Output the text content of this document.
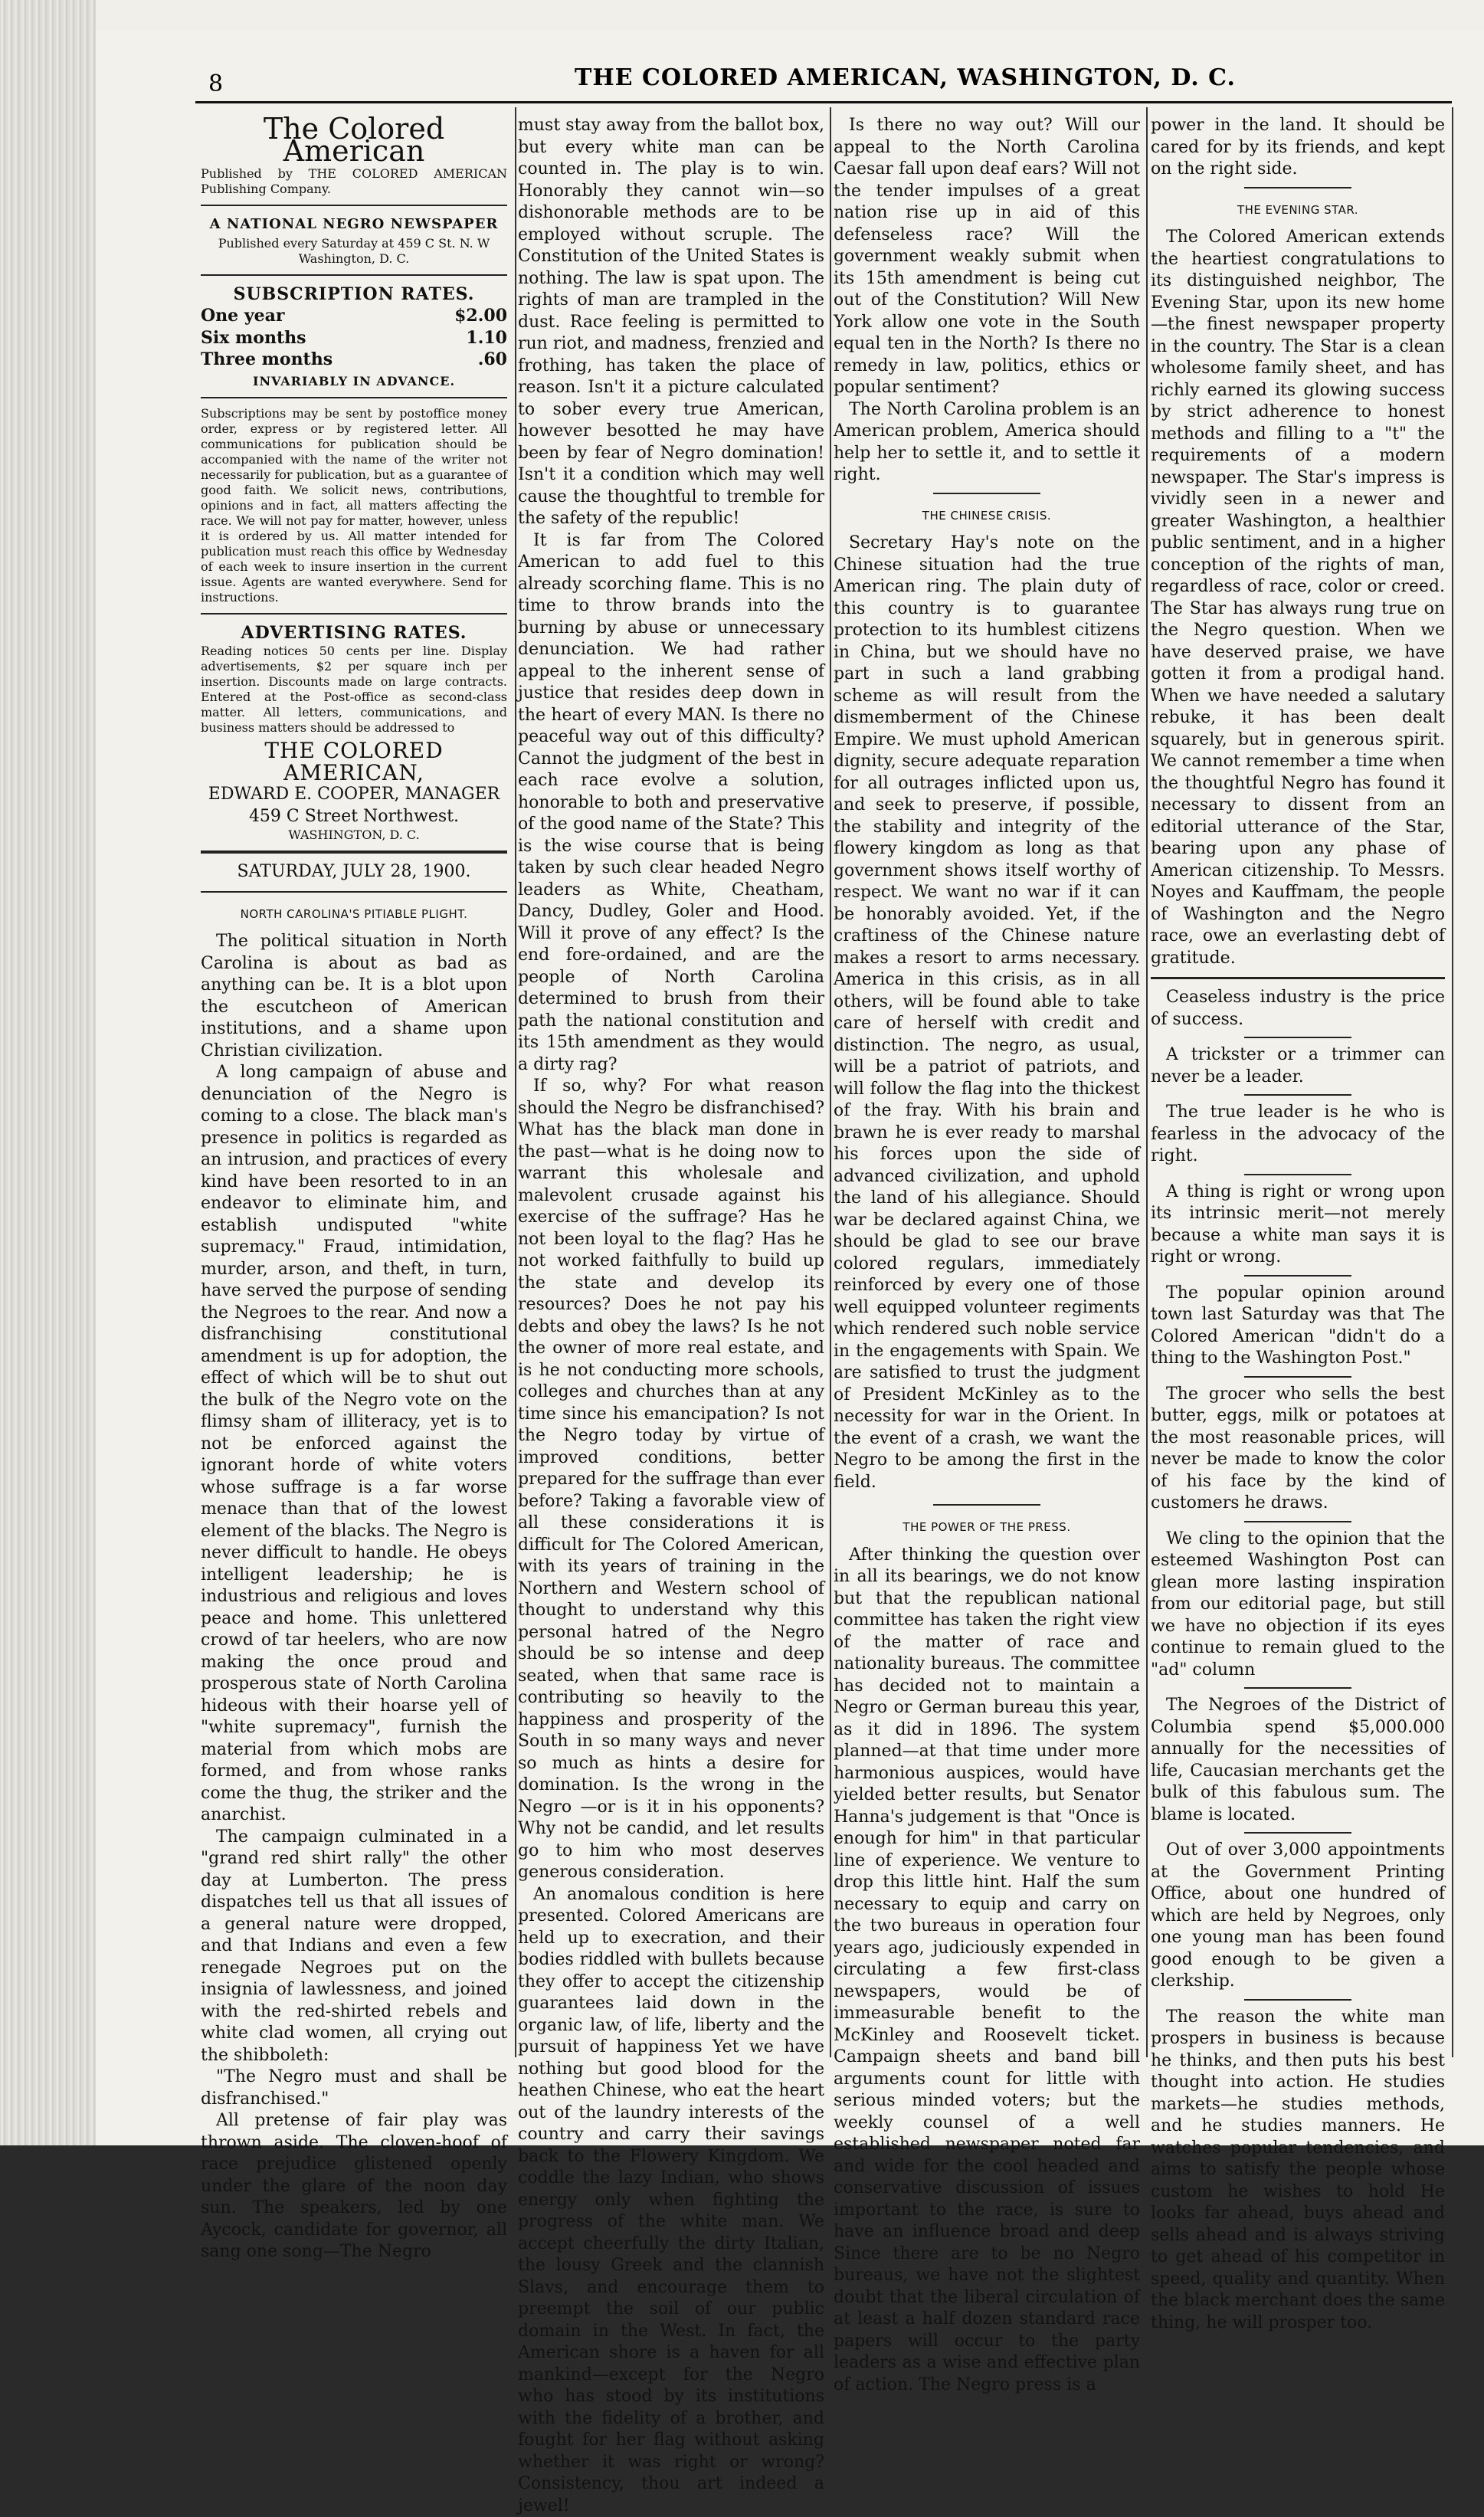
8	THE COLORED AMERICAN, WASHINGTON, D. C.
The Colored American
Published by THE COLORED AMERICAN Publishing Company.
A NATIONAL NEGRO NEWSPAPER
Published every Saturday at 459 C St. N. W Washington, D. C.
SUBSCRIPTION RATES.
One year	$2.00
Six months	1.10
Three months	.60
INVARIABLY IN ADVANCE.
Subscriptions may be sent by postoffice money order, express or by registered letter. All communications for publication should be accompanied with the name of the writer not necessarily for publication, but as a guarantee of good faith. We solicit news, contributions, opinions and in fact, all matters affecting the race. We will not pay for matter, however, unless it is ordered by us. All matter intended for publication must reach this office by Wednesday of each week to insure insertion in the current issue. Agents are wanted everywhere. Send for instructions.
ADVERTISING RATES.
Reading notices 50 cents per line. Display advertisements, $2 per square inch per insertion. Discounts made on large contracts. Entered at the Post-office as second-class matter. All letters, communications, and business matters should be addressed to
THE COLORED AMERICAN,
EDWARD E. COOPER, MANAGER
459 C Street Northwest.
WASHINGTON, D. C.
SATURDAY, JULY 28, 1900.
NORTH CAROLINA'S PITIABLE PLIGHT.

The political situation in North Carolina is about as bad as anything can be. It is a blot upon the escutcheon of American institutions, and a shame upon Christian civilization.

A long campaign of abuse and denunciation of the Negro is coming to a close. The black man's presence in politics is regarded as an intrusion, and practices of every kind have been resorted to in an endeavor to eliminate him, and establish undisputed "white supremacy." Fraud, intimidation, murder, arson, and theft, in turn, have served the purpose of sending the Negroes to the rear. And now a disfranchising constitutional amendment is up for adoption, the effect of which will be to shut out the bulk of the Negro vote on the flimsy sham of illiteracy, yet is to not be enforced against the ignorant horde of white voters whose suffrage is a far worse menace than that of the lowest element of the blacks. The Negro is never difficult to handle. He obeys intelligent leadership; he is industrious and religious and loves peace and home. This unlettered crowd of tar heelers, who are now making the once proud and prosperous state of North Carolina hideous with their hoarse yell of "white supremacy", furnish the material from which mobs are formed, and from whose ranks come the thug, the striker and the anarchist.

The campaign culminated in a "grand red shirt rally" the other day at Lumberton. The press dispatches tell us that all issues of a general nature were dropped, and that Indians and even a few renegade Negroes put on the insignia of lawlessness, and joined with the red-shirted rebels and white clad women, all crying out the shibboleth:

"The Negro must and shall be disfranchised."

All pretense of fair play was thrown aside. The cloven-hoof of race prejudice glistened openly under the glare of the noon day sun. The speakers, led by one Aycock, candidate for governor, all sang one song—The Negro

must stay away from the ballot box, but every white man can be counted in. The play is to win. Honorably they cannot win—so dishonorable methods are to be employed without scruple. The Constitution of the United States is nothing. The law is spat upon. The rights of man are trampled in the dust. Race feeling is permitted to run riot, and madness, frenzied and frothing, has taken the place of reason. Isn't it a picture calculated to sober every true American, however besotted he may have been by fear of Negro domination! Isn't it a condition which may well cause the thoughtful to tremble for the safety of the republic!

It is far from The Colored American to add fuel to this already scorching flame. This is no time to throw brands into the burning by abuse or unnecessary denunciation. We had rather appeal to the inherent sense of justice that resides deep down in the heart of every MAN. Is there no peaceful way out of this difficulty? Cannot the judgment of the best in each race evolve a solution, honorable to both and preservative of the good name of the State? This is the wise course that is being taken by such clear headed Negro leaders as White, Cheatham, Dancy, Dudley, Goler and Hood. Will it prove of any effect? Is the end fore-ordained, and are the people of North Carolina determined to brush from their path the national constitution and its 15th amendment as they would a dirty rag?

If so, why? For what reason should the Negro be disfranchised? What has the black man done in the past—what is he doing now to warrant this wholesale and malevolent crusade against his exercise of the suffrage? Has he not been loyal to the flag? Has he not worked faithfully to build up the state and develop its resources? Does he not pay his debts and obey the laws? Is he not the owner of more real estate, and is he not conducting more schools, colleges and churches than at any time since his emancipation? Is not the Negro today by virtue of improved conditions, better prepared for the suffrage than ever before? Taking a favorable view of all these considerations it is difficult for The Colored American, with its years of training in the Northern and Western school of thought to understand why this personal hatred of the Negro should be so intense and deep seated, when that same race is contributing so heavily to the happiness and prosperity of the South in so many ways and never so much as hints a desire for domination. Is the wrong in the Negro —or is it in his opponents? Why not be candid, and let results go to him who most deserves generous consideration.

An anomalous condition is here presented. Colored Americans are held up to execration, and their bodies riddled with bullets because they offer to accept the citizenship guarantees laid down in the organic law, of life, liberty and the pursuit of happiness Yet we have nothing but good blood for the heathen Chinese, who eat the heart out of the laundry interests of the country and carry their savings back to the Flowery Kingdom. We coddle the lazy Indian, who shows energy only when fighting the progress of the white man. We accept cheerfully the dirty Italian, the lousy Greek and the clannish Slavs, and encourage them to preempt the soil of our public domain in the West. In fact, the American shore is a haven for all mankind—except for the Negro who has stood by its institutions with the fidelity of a brother, and fought for her flag without asking whether it was right or wrong? Consistency, thou art indeed a jewel!

Is there no way out? Will our appeal to the North Carolina Caesar fall upon deaf ears? Will not the tender impulses of a great nation rise up in aid of this defenseless race? Will the government weakly submit when its 15th amendment is being cut out of the Constitution? Will New York allow one vote in the South equal ten in the North? Is there no remedy in law, politics, ethics or popular sentiment?

The North Carolina problem is an American problem, America should help her to settle it, and to settle it right.

THE CHINESE CRISIS.

Secretary Hay's note on the Chinese situation had the true American ring. The plain duty of this country is to guarantee protection to its humblest citizens in China, but we should have no part in such a land grabbing scheme as will result from the dismemberment of the Chinese Empire. We must uphold American dignity, secure adequate reparation for all outrages inflicted upon us, and seek to preserve, if possible, the stability and integrity of the flowery kingdom as long as that government shows itself worthy of respect. We want no war if it can be honorably avoided. Yet, if the craftiness of the Chinese nature makes a resort to arms necessary. America in this crisis, as in all others, will be found able to take care of herself with credit and distinction. The negro, as usual, will be a patriot of patriots, and will follow the flag into the thickest of the fray. With his brain and brawn he is ever ready to marshal his forces upon the side of advanced civilization, and uphold the land of his allegiance. Should war be declared against China, we should be glad to see our brave colored regulars, immediately reinforced by every one of those well equipped volunteer regiments which rendered such noble service in the engagements with Spain. We are satisfied to trust the judgment of President McKinley as to the necessity for war in the Orient. In the event of a crash, we want the Negro to be among the first in the field.

THE POWER OF THE PRESS.

After thinking the question over in all its bearings, we do not know but that the republican national committee has taken the right view of the matter of race and nationality bureaus. The committee has decided not to maintain a Negro or German bureau this year, as it did in 1896. The system planned—at that time under more harmonious auspices, would have yielded better results, but Senator Hanna's judgement is that "Once is enough for him" in that particular line of experience. We venture to drop this little hint. Half the sum necessary to equip and carry on the two bureaus in operation four years ago, judiciously expended in circulating a few first-class newspapers, would be of immeasurable benefit to the McKinley and Roosevelt ticket. Campaign sheets and band bill arguments count for little with serious minded voters; but the weekly counsel of a well established newspaper noted far and wide for the cool headed and conservative discussion of issues important to the race, is sure to have an influence broad and deep Since there are to be no Negro bureaus, we have not the slightest doubt that the liberal circulation of at least a half dozen standard race papers will occur to the party leaders as a wise and effective plan of action. The Negro press is a

power in the land. It should be cared for by its friends, and kept on the right side.

THE EVENING STAR.

The Colored American extends the heartiest congratulations to its distinguished neighbor, The Evening Star, upon its new home—the finest newspaper property in the country. The Star is a clean wholesome family sheet, and has richly earned its glowing success by strict adherence to honest methods and filling to a "t" the requirements of a modern newspaper. The Star's impress is vividly seen in a newer and greater Washington, a healthier public sentiment, and in a higher conception of the rights of man, regardless of race, color or creed. The Star has always rung true on the Negro question. When we have deserved praise, we have gotten it from a prodigal hand. When we have needed a salutary rebuke, it has been dealt squarely, but in generous spirit. We cannot remember a time when the thoughtful Negro has found it necessary to dissent from an editorial utterance of the Star, bearing upon any phase of American citizenship. To Messrs. Noyes and Kauffmam, the people of Washington and the Negro race, owe an everlasting debt of gratitude.

Ceaseless industry is the price of success.

A trickster or a trimmer can never be a leader.

The true leader is he who is fearless in the advocacy of the right.

A thing is right or wrong upon its intrinsic merit—not merely because a white man says it is right or wrong.

The popular opinion around town last Saturday was that The Colored American "didn't do a thing to the Washington Post."

The grocer who sells the best butter, eggs, milk or potatoes at the most reasonable prices, will never be made to know the color of his face by the kind of customers he draws.

We cling to the opinion that the esteemed Washington Post can glean more lasting inspiration from our editorial page, but still we have no objection if its eyes continue to remain glued to the "ad" column

The Negroes of the District of Columbia spend $5,000.000 annually for the necessities of life, Caucasian merchants get the bulk of this fabulous sum. The blame is located.

Out of over 3,000 appointments at the Government Printing Office, about one hundred of which are held by Negroes, only one young man has been found good enough to be given a clerkship.

The reason the white man prospers in business is because he thinks, and then puts his best thought into action. He studies markets—he studies methods, and he studies manners. He watches popular tendencies, and aims to satisfy the people whose custom he wishes to hold He looks far ahead, buys ahead and sells ahead and is always striving to get ahead of his competitor in speed, quality and quantity. When the black merchant does the same thing, he will prosper too.
